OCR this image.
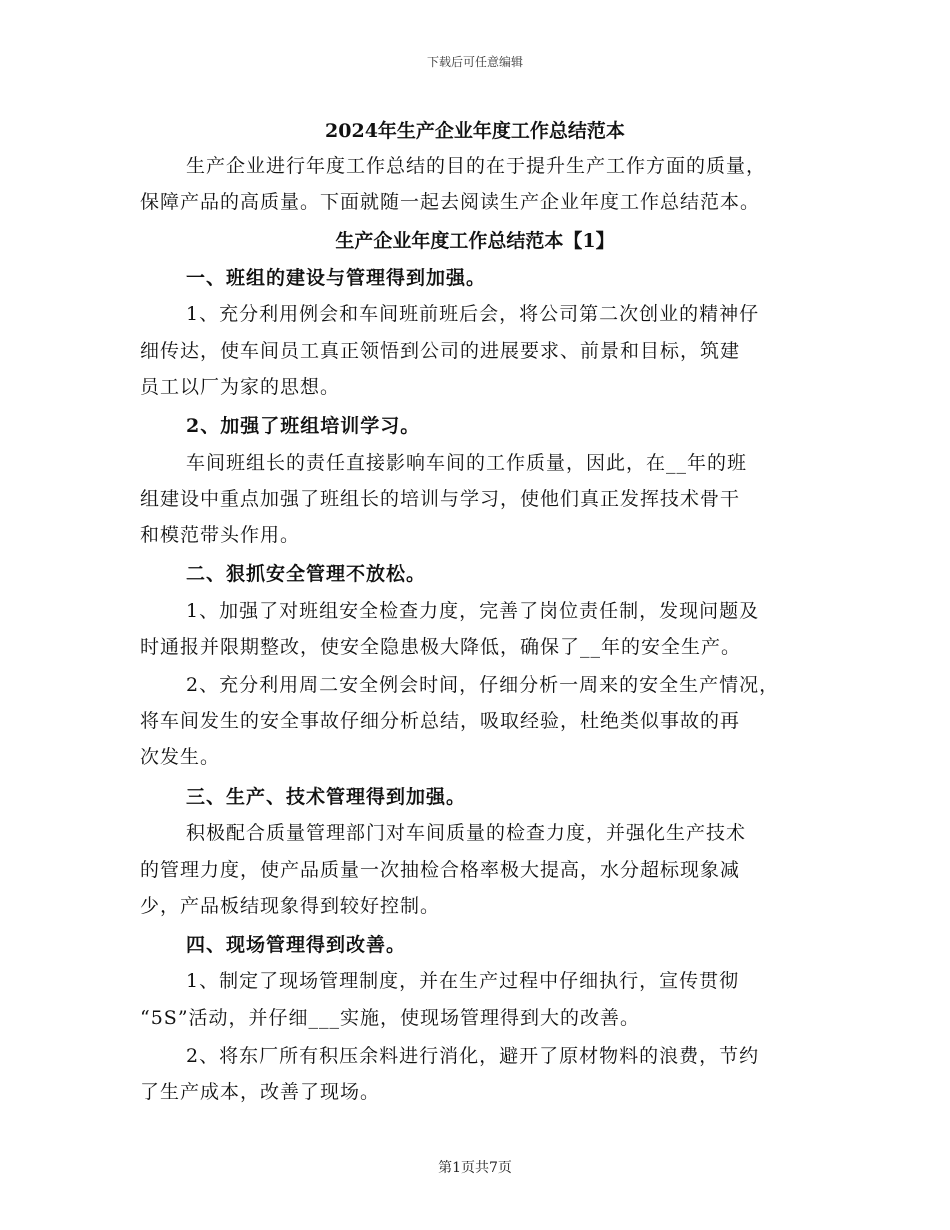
下载后可任意编辑
2024年生产企业年度工作总结范本
生产企业进行年度工作总结的目的在于提升生产工作方面的质量，
保障产品的高质量。下面就随一起去阅读生产企业年度工作总结范本。
生产企业年度工作总结范本【1】
一、班组的建设与管理得到加强。
1、充分利用例会和车间班前班后会，将公司第二次创业的精神仔
细传达，使车间员工真正领悟到公司的进展要求、前景和目标，筑建
员工以厂为家的思想。
2、加强了班组培训学习。
车间班组长的责任直接影响车间的工作质量，因此，在__年的班
组建设中重点加强了班组长的培训与学习，使他们真正发挥技术骨干
和模范带头作用。
二、狠抓安全管理不放松。
1、加强了对班组安全检查力度，完善了岗位责任制，发现问题及
时通报并限期整改，使安全隐患极大降低，确保了__年的安全生产。
2、充分利用周二安全例会时间，仔细分析一周来的安全生产情况，
将车间发生的安全事故仔细分析总结，吸取经验，杜绝类似事故的再
次发生。
三、生产、技术管理得到加强。
积极配合质量管理部门对车间质量的检查力度，并强化生产技术
的管理力度，使产品质量一次抽检合格率极大提高，水分超标现象减
少，产品板结现象得到较好控制。
四、现场管理得到改善。
1、制定了现场管理制度，并在生产过程中仔细执行，宣传贯彻
“5S”活动，并仔细___实施，使现场管理得到大的改善。
2、将东厂所有积压余料进行消化，避开了原材物料的浪费，节约
了生产成本，改善了现场。
第1页共7页
